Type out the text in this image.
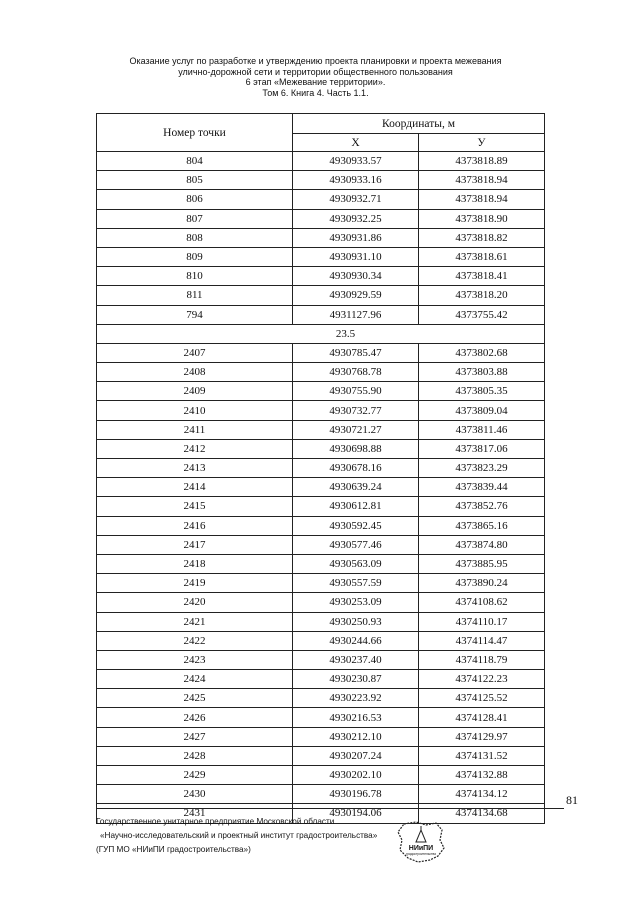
Оказание услуг по разработке и утверждению проекта планировки и проекта межевания
улично-дорожной сети и территории общественного пользования
6 этап «Межевание территории».
Том 6. Книга 4. Часть 1.1.
Номер точки	Координаты, м	
	X	У
804	4930933.57	4373818.89
805	4930933.16	4373818.94
806	4930932.71	4373818.94
807	4930932.25	4373818.90
808	4930931.86	4373818.82
809	4930931.10	4373818.61
810	4930930.34	4373818.41
811	4930929.59	4373818.20
794	4931127.96	4373755.42
23.5		
2407	4930785.47	4373802.68
2408	4930768.78	4373803.88
2409	4930755.90	4373805.35
2410	4930732.77	4373809.04
2411	4930721.27	4373811.46
2412	4930698.88	4373817.06
2413	4930678.16	4373823.29
2414	4930639.24	4373839.44
2415	4930612.81	4373852.76
2416	4930592.45	4373865.16
2417	4930577.46	4373874.80
2418	4930563.09	4373885.95
2419	4930557.59	4373890.24
2420	4930253.09	4374108.62
2421	4930250.93	4374110.17
2422	4930244.66	4374114.47
2423	4930237.40	4374118.79
2424	4930230.87	4374122.23
2425	4930223.92	4374125.52
2426	4930216.53	4374128.41
2427	4930212.10	4374129.97
2428	4930207.24	4374131.52
2429	4930202.10	4374132.88
2430	4930196.78	4374134.12
2431	4930194.06	4374134.68
81
Государственное унитарное предприятие Московской области
«Научно-исследовательский и проектный институт градостроительства»
(ГУП МО «НИиПИ градостроительства»)	НИиПИ
градостроительства
